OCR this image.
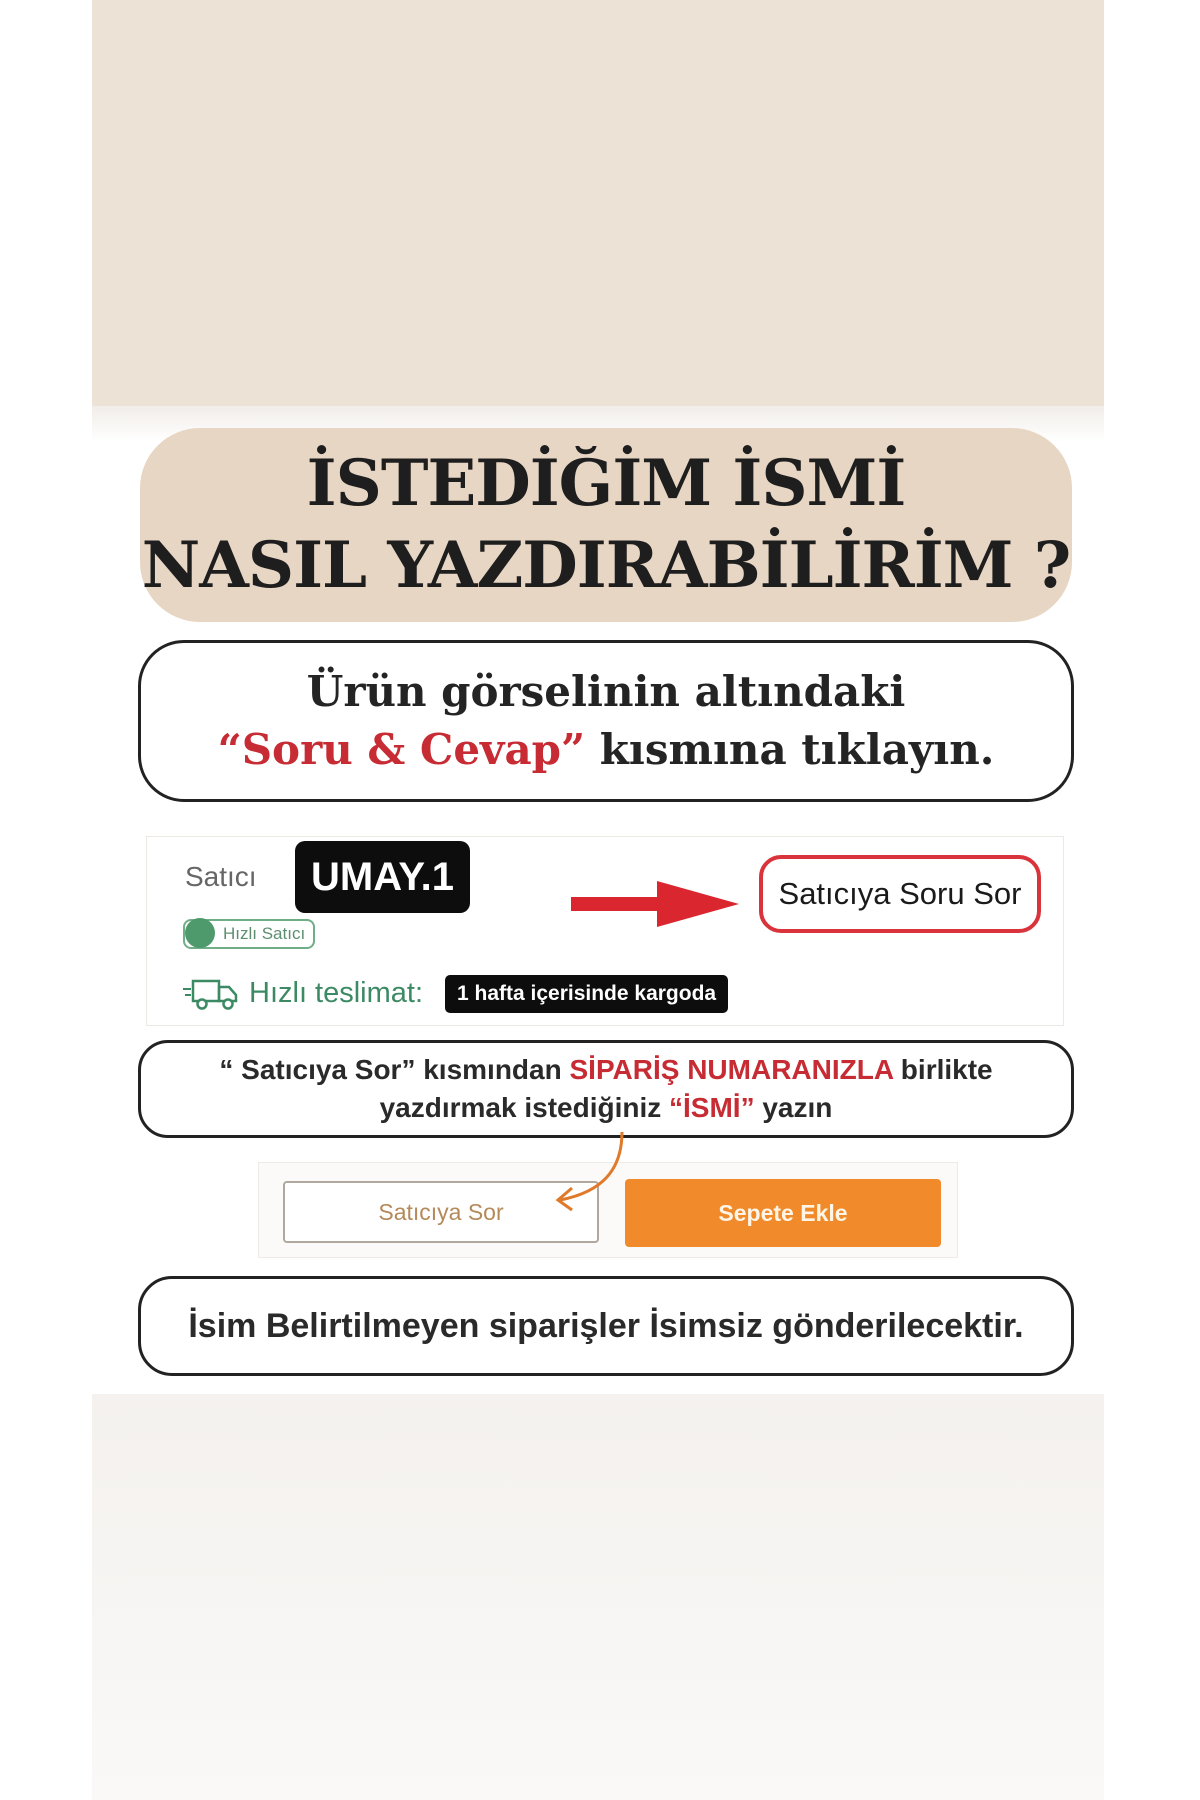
İSTEDİĞİM İSMİ
NASIL YAZDIRABİLİRİM ?
Ürün görselinin altındaki
“Soru & Cevap” kısmına tıklayın.
Satıcı	UMAY.1
Hızlı Satıcı
Hızlı teslimat:	1 hafta içerisinde kargoda
Satıcıya Soru Sor
“ Satıcıya Sor” kısmından SİPARİŞ NUMARANIZLA birlikte
yazdırmak istediğiniz “İSMİ” yazın
Satıcıya Sor	Sepete Ekle
İsim Belirtilmeyen siparişler İsimsiz gönderilecektir.
